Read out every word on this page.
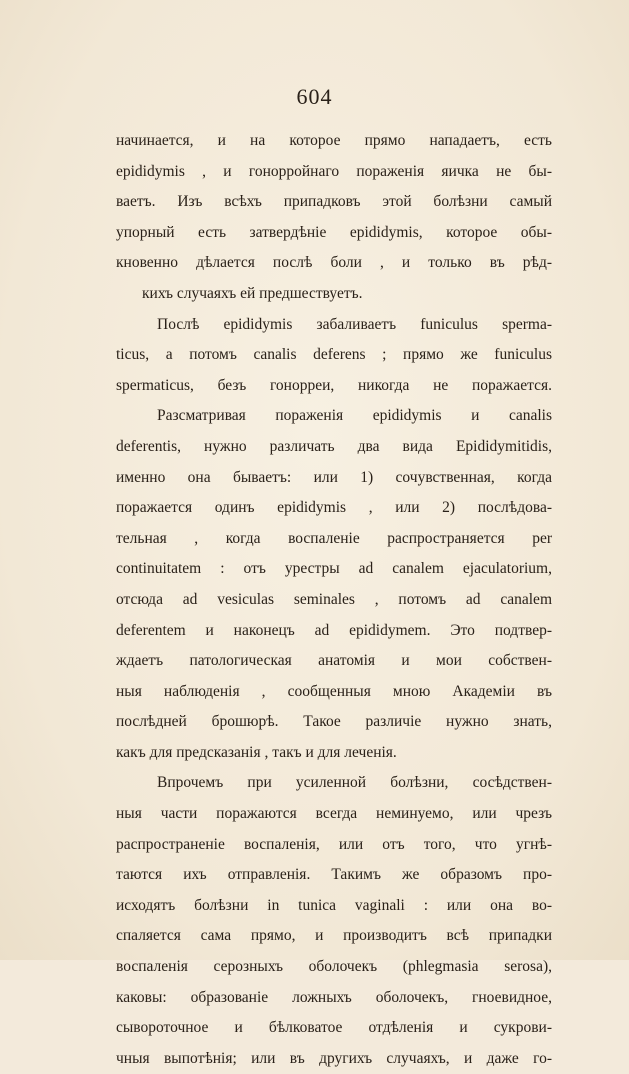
604
начинается, и на которое прямо нападаетъ, есть
epididymis , и гонорройнаго пораженія яичка не бы-
ваетъ. Изъ всѣхъ припадковъ этой болѣзни самый
упорный есть затвердѣніе epididymis, которое обы-
кновенно дѣлается послѣ боли , и только въ рѣд-
кихъ случаяхъ ей предшествуетъ.
Послѣ epididymis забаливаетъ funiculus sperma-
ticus, а потомъ canalis deferens ; прямо же funiculus
spermaticus, безъ гонорреи, никогда не поражается.
Разсматривая пораженія epididymis и canalis
deferentis, нужно различать два вида Epididymitidis,
именно она бываетъ: или 1) сочувственная, когда
поражается одинъ epididymis , или 2) послѣдова-
тельная , когда воспаленіе распространяется per
continuitatem : отъ урестры ad canalem ejaculatorium,
отсюда ad vesiculas seminales , потомъ ad canalem
deferentem и наконецъ ad epididymem. Это подтвер-
ждаетъ патологическая анатомія и мои собствен-
ныя наблюденія , сообщенныя мною Академіи въ
послѣдней брошюрѣ. Такое различіе нужно знать,
какъ для предсказанія , такъ и для леченія.
Впрочемъ при усиленной болѣзни, сосѣдствен-
ныя части поражаются всегда неминуемо, или чрезъ
распространеніе воспаленія, или отъ того, что угнѣ-
таются ихъ отправленія. Такимъ же образомъ про-
исходятъ болѣзни in tunica vaginali : или она во-
спаляется сама прямо, и производитъ всѣ припадки
воспаленія серозныхъ оболочекъ (phlegmasia serosa),
каковы: образованіе ложныхъ оболочекъ, гноевидное,
сывороточное и бѣлковатое отдѣленія и сукрови-
чныя выпотѣнія; или въ другихъ случаяхъ, и даже го-
